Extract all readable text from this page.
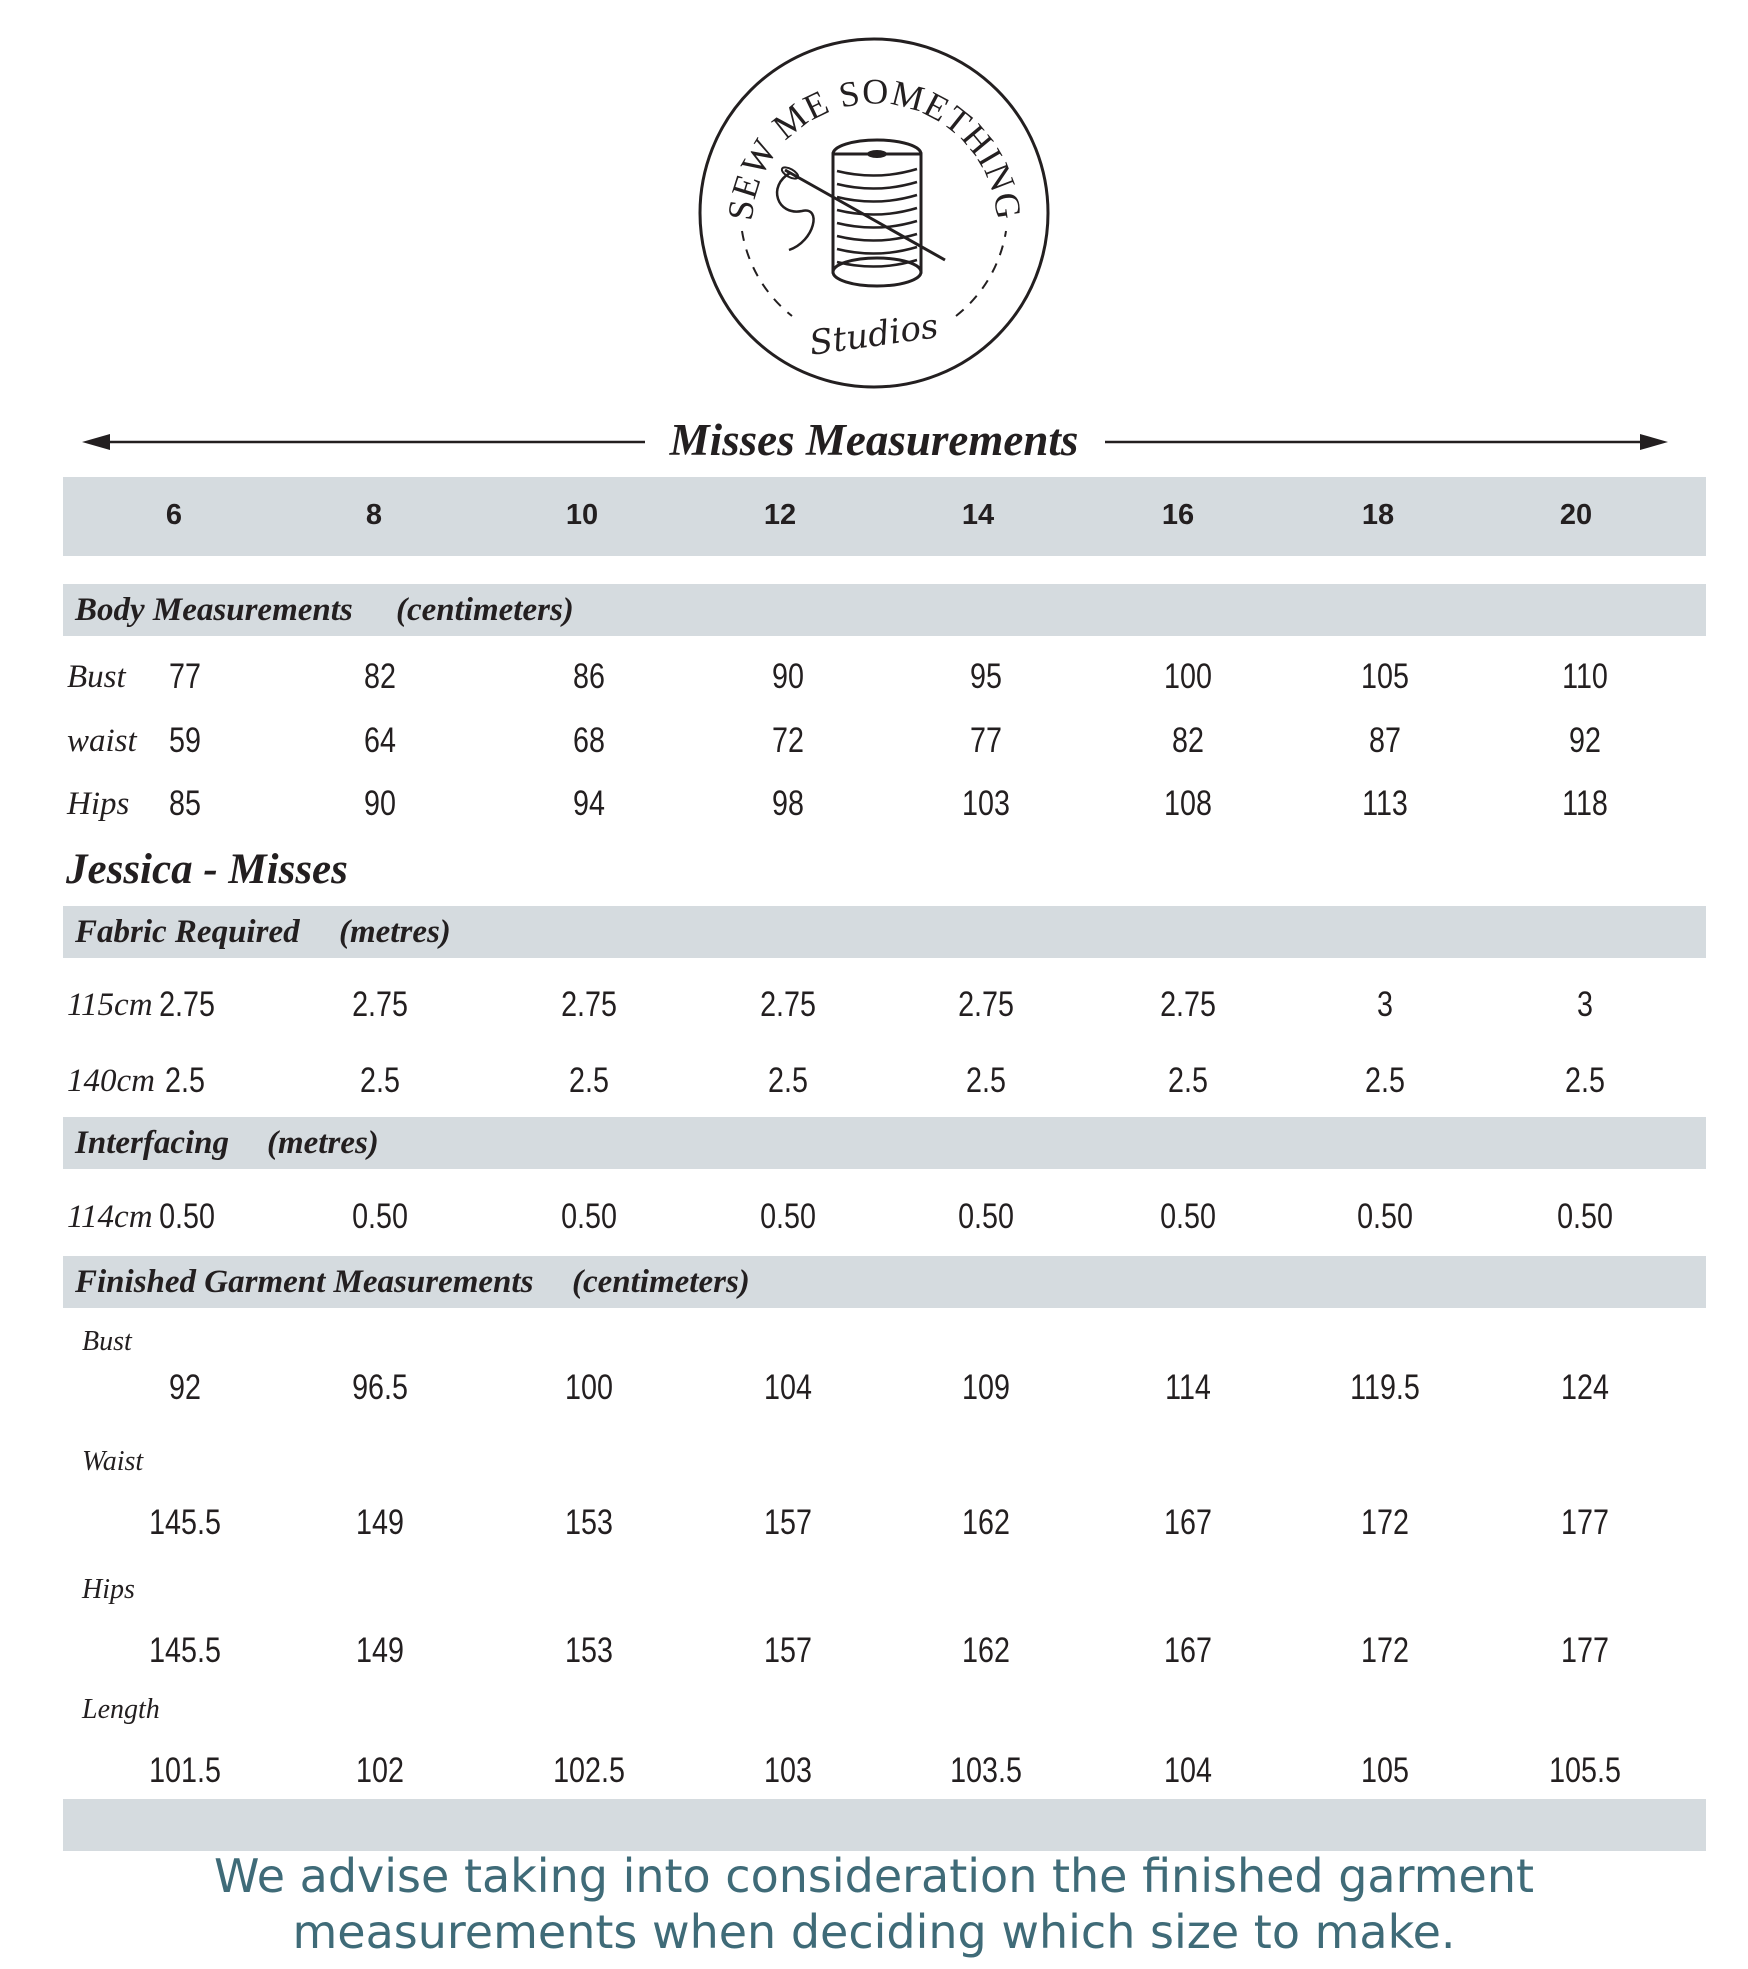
SEW ME SOMETHING
Studios
Misses Measurements
6	8	10	12	14	16	18	20
Body Measurements (centimeters)
Bust	77	82	86	90	95	100	105	110
waist 59	64	68	72	77	82	87	92
Hips	85	90	94	98	103	108	113	118
Jessica - Misses
Fabric Required (metres)
115cm 2.75	2.75	2.75	2.75	2.75	2.75	3	3
140cm 2.5	2.5	2.5	2.5	2.5	2.5	2.5	2.5
Interfacing (metres)
114cm 0.50	0.50	0.50	0.50	0.50	0.50	0.50	0.50
Finished Garment Measurements (centimeters)
Bust
92	96.5	100	104	109	114	119.5	124
Waist
145.5	149	153	157	162	167	172	177
Hips
145.5	149	153	157	162	167	172	177
Length
101.5	102	102.5	103	103.5	104	105	105.5
We advise taking into consideration the finished garment
measurements when deciding which size to make.
